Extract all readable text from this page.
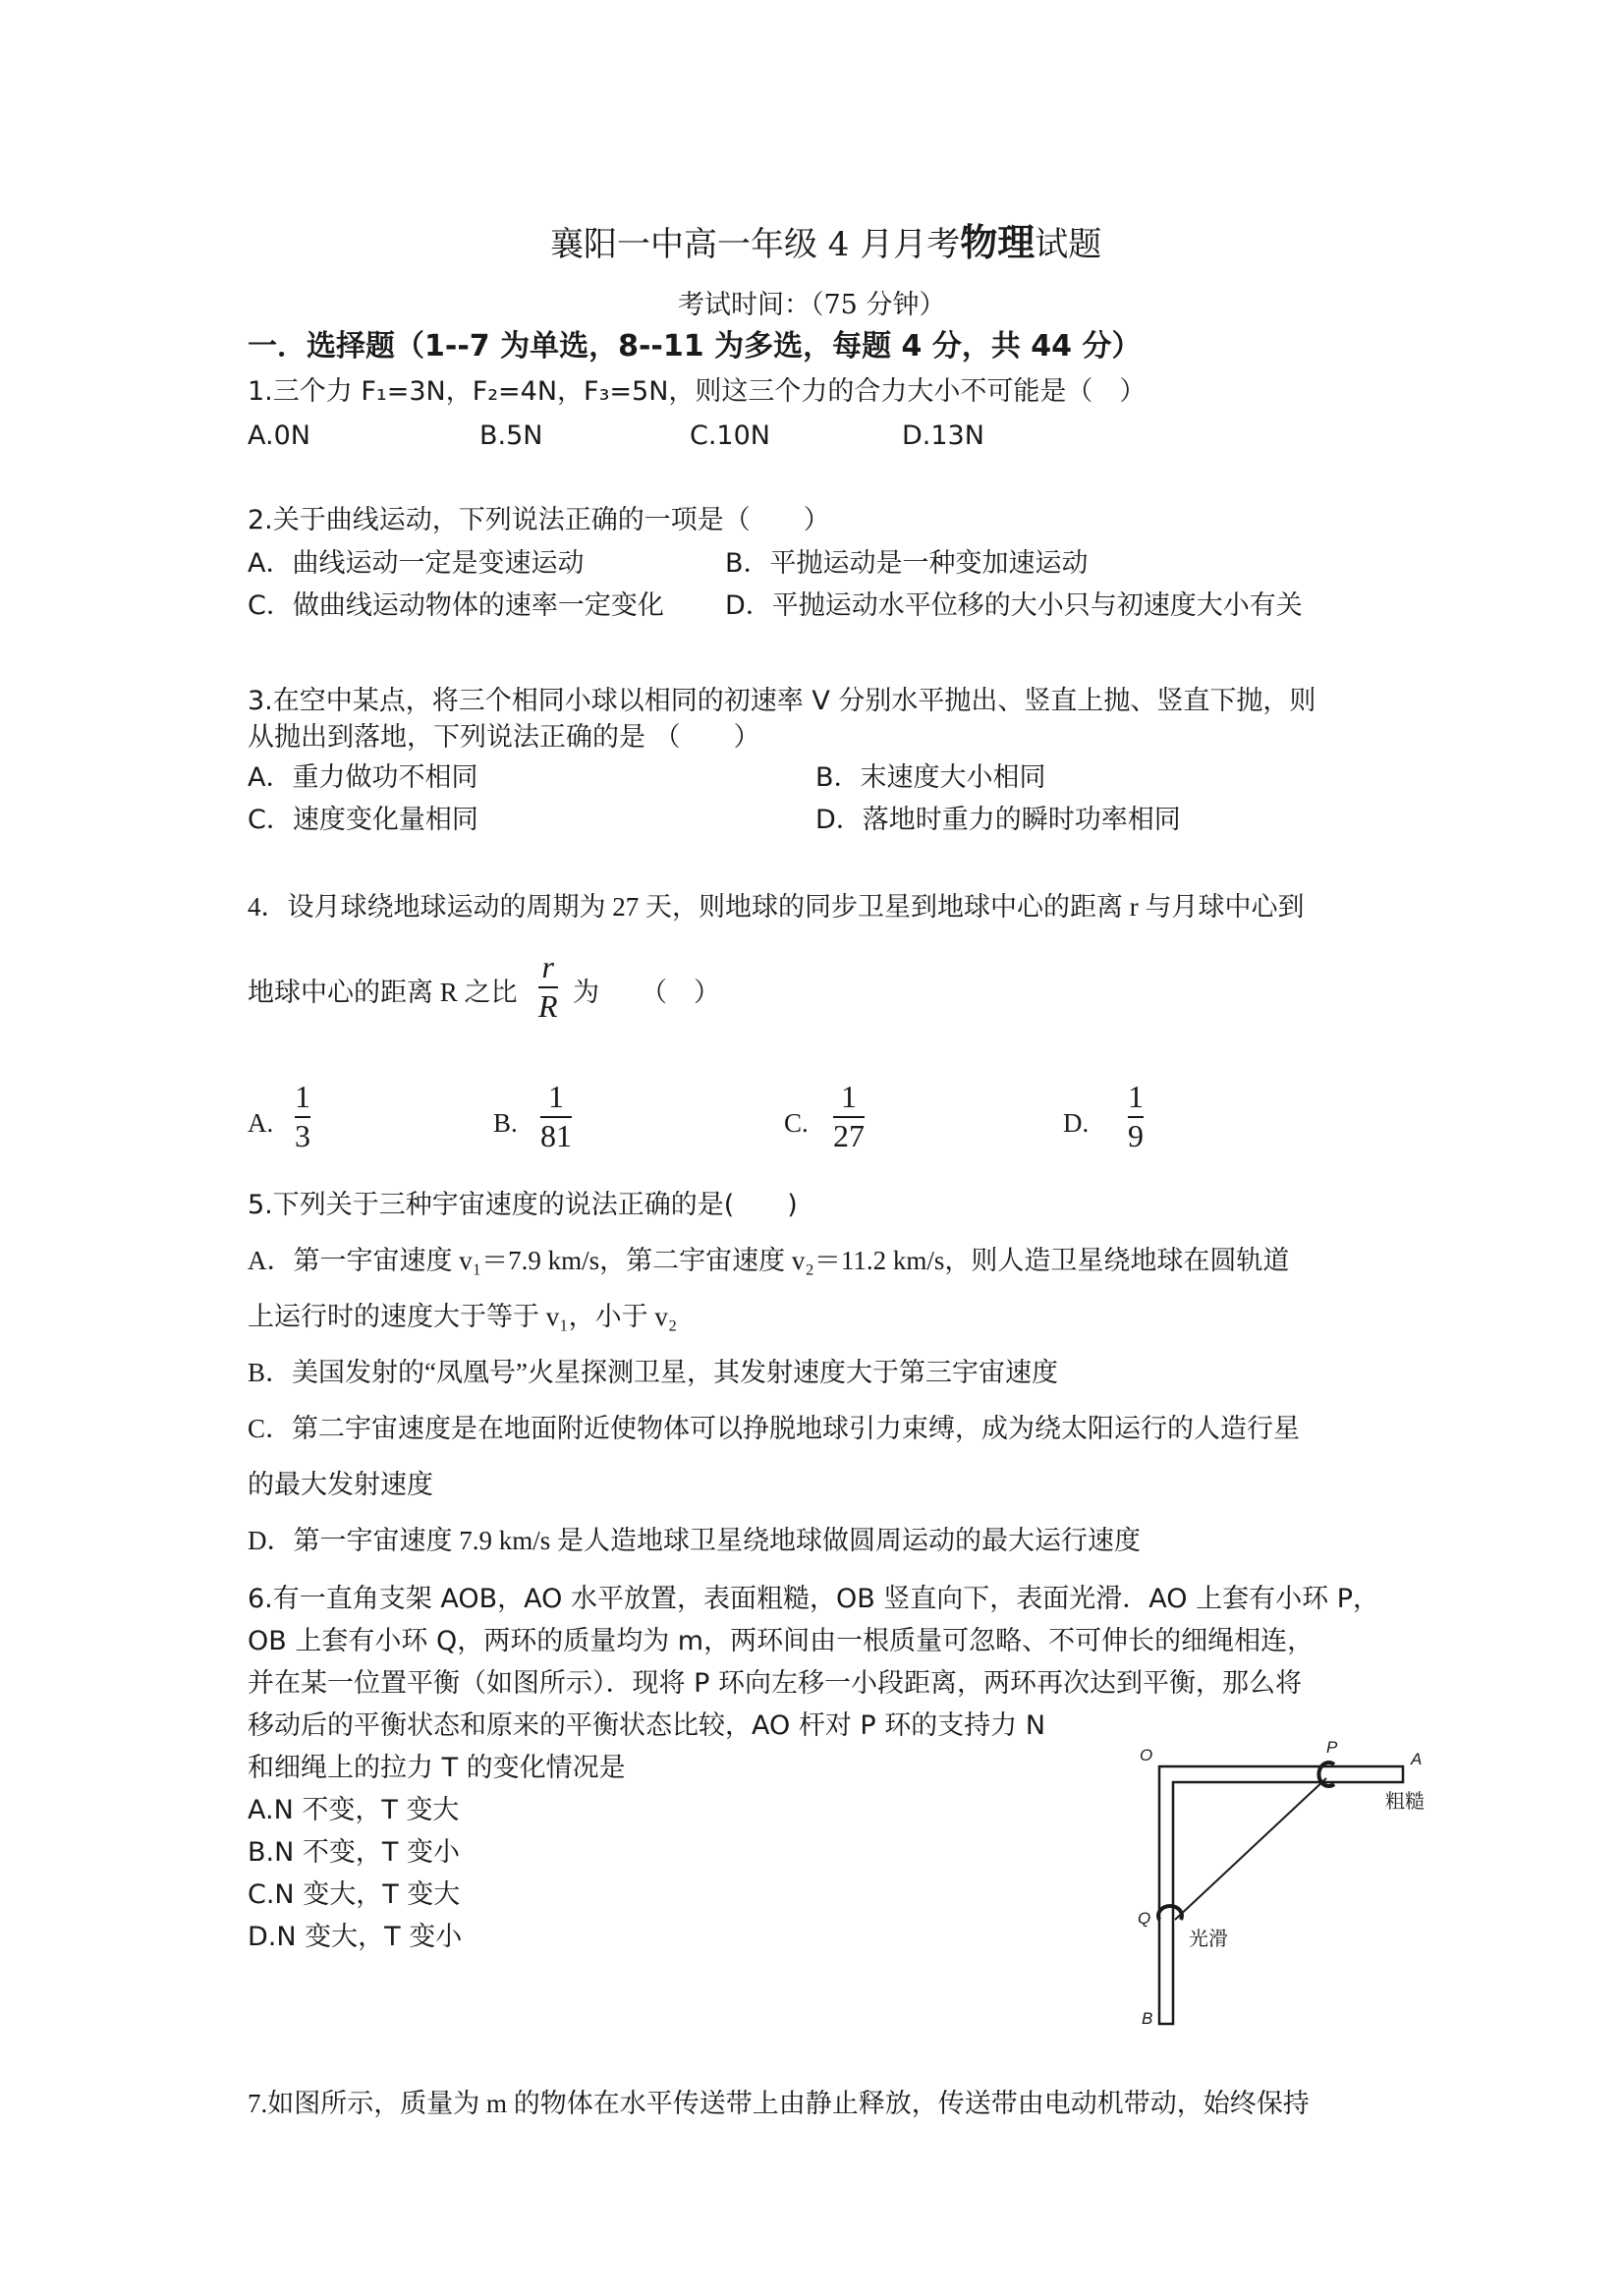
襄阳一中高一年级 4 月月考物理试题
考试时间：（75 分钟）
一．选择题（1--7 为单选，8--11 为多选，每题 4 分，共 44 分）
1.三个力 F₁=3N，F₂=4N，F₃=5N，则这三个力的合力大小不可能是（　）
A.0N	B.5N	C.10N	D.13N
2.关于曲线运动，下列说法正确的一项是（　　）
A．曲线运动一定是变速运动	B．平抛运动是一种变加速运动
C．做曲线运动物体的速率一定变化 D．平抛运动水平位移的大小只与初速度大小有关
3.在空中某点，将三个相同小球以相同的初速率 V 分别水平抛出、竖直上抛、竖直下抛，则
从抛出到落地，下列说法正确的是 （　　）
A．重力做功不相同	B．末速度大小相同
C．速度变化量相同	D．落地时重力的瞬时功率相同
4．设月球绕地球运动的周期为 27 天，则地球的同步卫星到地球中心的距离 r 与月球中心到
地球中心的距离 R 之比
r
R 为 （　）
A.
1
3	B.
1
81	C.
1
27	D.
1
9
5.下列关于三种宇宙速度的说法正确的是(　　)
A．第一宇宙速度 v₁＝7.9 km/s，第二宇宙速度 v₂＝11.2 km/s，则人造卫星绕地球在圆轨道
上运行时的速度大于等于 v₁，小于 v₂
B．美国发射的“凤凰号”火星探测卫星，其发射速度大于第三宇宙速度
C．第二宇宙速度是在地面附近使物体可以挣脱地球引力束缚，成为绕太阳运行的人造行星
的最大发射速度
D．第一宇宙速度 7.9 km/s 是人造地球卫星绕地球做圆周运动的最大运行速度
6.有一直角支架 AOB，AO 水平放置，表面粗糙，OB 竖直向下，表面光滑．AO 上套有小环 P，
OB 上套有小环 Q，两环的质量均为 m，两环间由一根质量可忽略、不可伸长的细绳相连，
并在某一位置平衡（如图所示）．现将 P 环向左移一小段距离，两环再次达到平衡，那么将
移动后的平衡状态和原来的平衡状态比较，AO 杆对 P 环的支持力 N
和细绳上的拉力 T 的变化情况是
A.N 不变，T 变大
B.N 不变，T 变小
C.N 变大，T 变大
D.N 变大，T 变小
O	P
A
粗糙
Q
光滑
B
7.如图所示，质量为 m 的物体在水平传送带上由静止释放，传送带由电动机带动，始终保持
